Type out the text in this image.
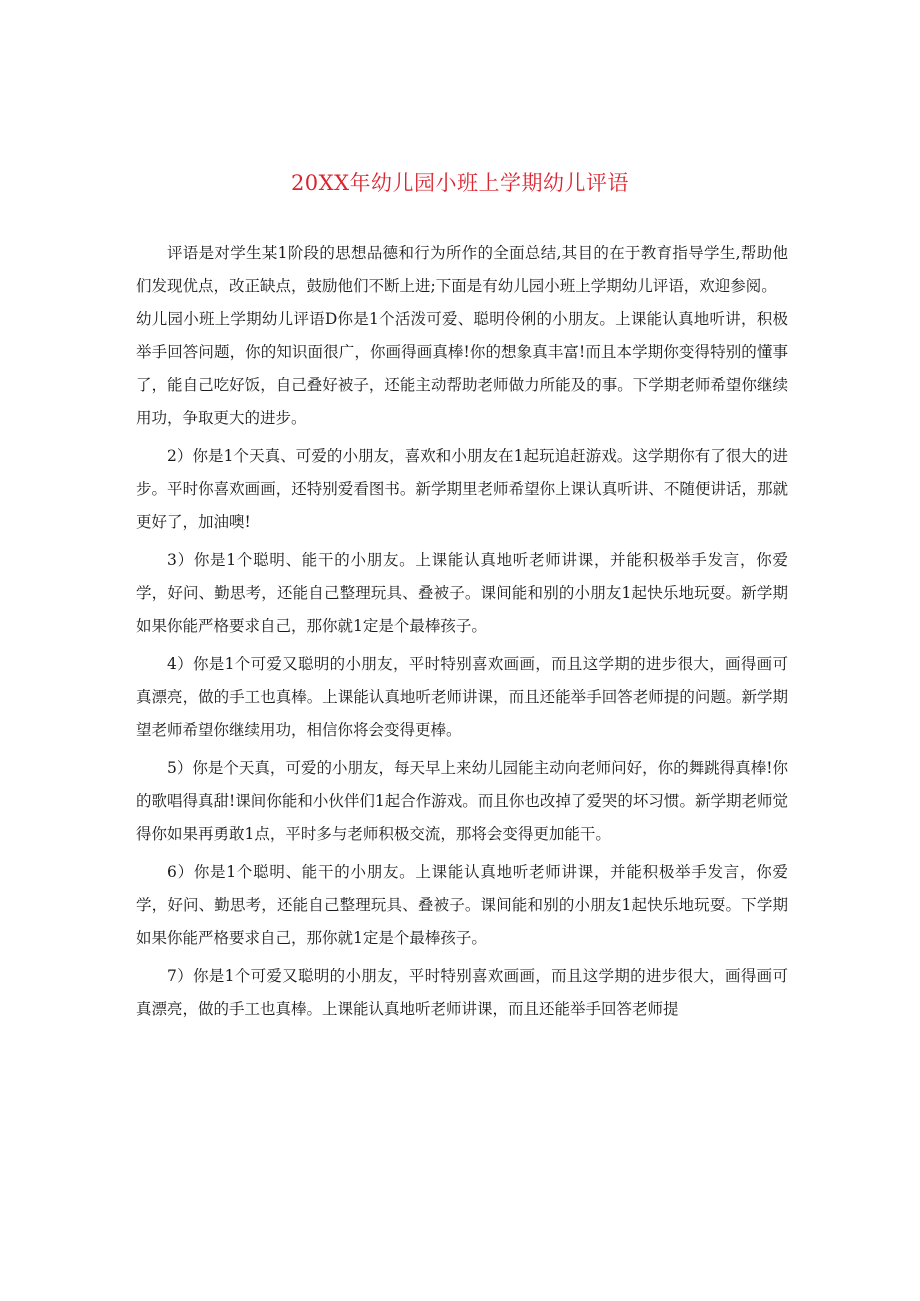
20XX年幼儿园小班上学期幼儿评语

评语是对学生某1阶段的思想品德和行为所作的全面总结,其目的在于教育指导学生,帮助他们发现优点，改正缺点，鼓励他们不断上进;下面是有幼儿园小班上学期幼儿评语，欢迎参阅。

幼儿园小班上学期幼儿评语D你是1个活泼可爱、聪明伶俐的小朋友。上课能认真地听讲，积极举手回答问题，你的知识面很广，你画得画真棒!你的想象真丰富!而且本学期你变得特别的懂事了，能自己吃好饭，自己叠好被子，还能主动帮助老师做力所能及的事。下学期老师希望你继续用功，争取更大的进步。

2）你是1个天真、可爱的小朋友，喜欢和小朋友在1起玩追赶游戏。这学期你有了很大的进步。平时你喜欢画画，还特别爱看图书。新学期里老师希望你上课认真听讲、不随便讲话，那就更好了，加油噢!

3）你是1个聪明、能干的小朋友。上课能认真地听老师讲课，并能积极举手发言，你爱学，好问、勤思考，还能自己整理玩具、叠被子。课间能和别的小朋友1起快乐地玩耍。新学期如果你能严格要求自己，那你就1定是个最棒孩子。

4）你是1个可爱又聪明的小朋友，平时特别喜欢画画，而且这学期的进步很大，画得画可真漂亮，做的手工也真棒。上课能认真地听老师讲课，而且还能举手回答老师提的问题。新学期望老师希望你继续用功，相信你将会变得更棒。

5）你是个天真，可爱的小朋友，每天早上来幼儿园能主动向老师问好，你的舞跳得真棒!你的歌唱得真甜!课间你能和小伙伴们1起合作游戏。而且你也改掉了爱哭的坏习惯。新学期老师觉得你如果再勇敢1点，平时多与老师积极交流，那将会变得更加能干。

6）你是1个聪明、能干的小朋友。上课能认真地听老师讲课，并能积极举手发言，你爱学，好问、勤思考，还能自己整理玩具、叠被子。课间能和别的小朋友1起快乐地玩耍。下学期如果你能严格要求自己，那你就1定是个最棒孩子。

7）你是1个可爱又聪明的小朋友，平时特别喜欢画画，而且这学期的进步很大，画得画可真漂亮，做的手工也真棒。上课能认真地听老师讲课，而且还能举手回答老师提
